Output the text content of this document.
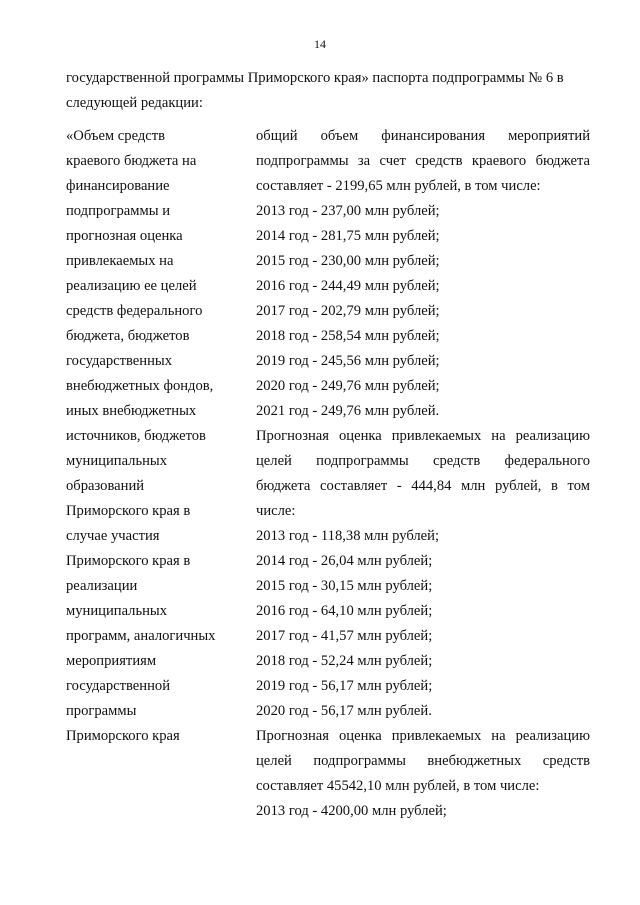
14
государственной программы Приморского края» паспорта подпрограммы № 6 в
следующей редакции:
«Объем средств
краевого бюджета на
финансирование
подпрограммы и
прогнозная оценка
привлекаемых на
реализацию ее целей
средств федерального
бюджета, бюджетов
государственных
внебюджетных фондов,
иных внебюджетных
источников, бюджетов
муниципальных
образований
Приморского края в
случае участия
Приморского края в
реализации
муниципальных
программ, аналогичных
мероприятиям
государственной
программы
Приморского края
общий объем финансирования мероприятий
подпрограммы за счет средств краевого бюджета
составляет - 2199,65 млн рублей, в том числе:
2013 год - 237,00 млн рублей;
2014 год - 281,75 млн рублей;
2015 год - 230,00 млн рублей;
2016 год - 244,49 млн рублей;
2017 год - 202,79 млн рублей;
2018 год - 258,54 млн рублей;
2019 год - 245,56 млн рублей;
2020 год - 249,76 млн рублей;
2021 год - 249,76 млн рублей.
Прогнозная оценка привлекаемых на реализацию
целей подпрограммы средств федерального
бюджета составляет - 444,84 млн рублей, в том
числе:
2013 год - 118,38 млн рублей;
2014 год - 26,04 млн рублей;
2015 год - 30,15 млн рублей;
2016 год - 64,10 млн рублей;
2017 год - 41,57 млн рублей;
2018 год - 52,24 млн рублей;
2019 год - 56,17 млн рублей;
2020 год - 56,17 млн рублей.
Прогнозная оценка привлекаемых на реализацию
целей подпрограммы внебюджетных средств
составляет 45542,10 млн рублей, в том числе:
2013 год - 4200,00 млн рублей;
